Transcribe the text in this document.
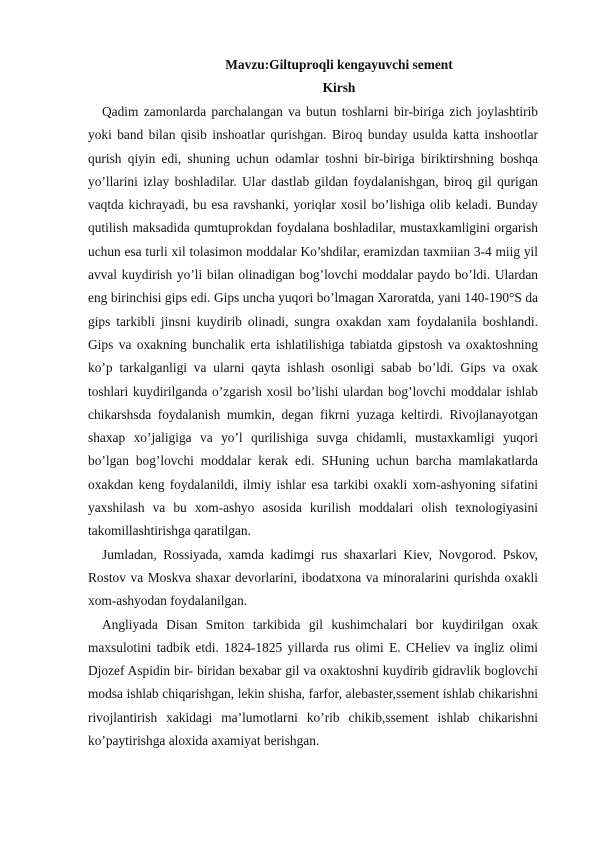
Mavzu:Giltuproqli kengayuvchi sement
Kirsh

Qadim zamonlarda parchalangan va butun toshlarni bir-biriga zich joylashtirib yoki band bilan qisib inshoatlar qurishgan. Biroq bunday usulda katta inshootlar qurish qiyin edi, shuning uchun odamlar toshni bir-biriga biriktirshning boshqa yo’llarini izlay boshladilar. Ular dastlab gildan foydalanishgan, biroq gil qurigan vaqtda kichrayadi, bu esa ravshanki, yoriqlar xosil bo’lishiga olib keladi. Bunday qutilish maksadida qumtuprokdan foydalana boshladilar, mustaxkamligini orgarish uchun esa turli xil tolasimon moddalar Ko’shdilar, eramizdan taxmiian 3-4 miig yil avval kuydirish yo’li bilan olinadigan bog’lovchi moddalar paydo bo’ldi. Ulardan eng birinchisi gips edi. Gips uncha yuqori bo’lmagan Xaroratda, yani 140-190°S da gips tarkibli jinsni kuydirib olinadi, sungra oxakdan xam foydalanila boshlandi. Gips va oxakning bunchalik erta ishlatilishiga tabiatda gipstosh va oxaktoshning ko’p tarkalganligi va ularni qayta ishlash osonligi sabab bo’ldi. Gips va oxak toshlari kuydirilganda o’zgarish xosil bo’lishi ulardan bog’lovchi moddalar ishlab chikarshsda foydalanish mumkin, degan fikrni yuzaga keltirdi. Rivojlanayotgan shaxap xo’jaligiga va yo’l qurilishiga suvga chidamli, mustaxkamligi yuqori bo’lgan bog’lovchi moddalar kerak edi. SHuning uchun barcha mamlakatlarda oxakdan keng foydalanildi, ilmiy ishlar esa tarkibi oxakli xom-ashyoning sifatini yaxshilash va bu xom-ashyo asosida kurilish moddalari olish texnologiyasini takomillashtirishga qaratilgan.

Jumladan, Rossiyada, xamda kadimgi rus shaxarlari Kiev, Novgorod. Pskov, Rostov va Moskva shaxar devorlarini, ibodatxona va minoralarini qurishda oxakli xom-ashyodan foydalanilgan.

Angliyada Disan Smiton tarkibida gil kushimchalari bor kuydirilgan oxak maxsulotini tadbik etdi. 1824-1825 yillarda rus olimi E. CHeliev va ingliz olimi Djozef Aspidin bir- biridan bexabar gil va oxaktoshni kuydirib gidravlik boglovchi modsa ishlab chiqarishgan, lekin shisha, farfor, alebaster,ssement ishlab chikarishni rivojlantirish xakidagi ma’lumotlarni ko’rib chikib,ssement ishlab chikarishni ko’paytirishga aloxida axamiyat berishgan.
